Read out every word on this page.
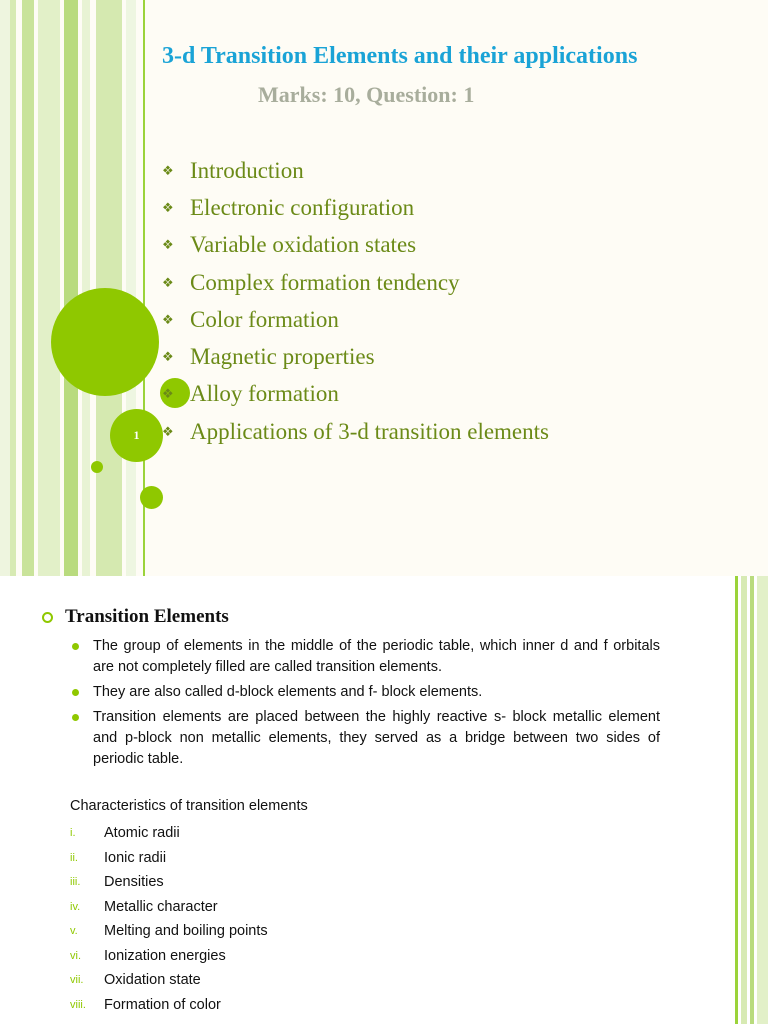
1
3-d Transition Elements and their applications
Marks: 10, Question: 1
❖ Introduction
❖ Electronic configuration
❖ Variable oxidation states
❖ Complex formation tendency
❖ Color formation
❖ Magnetic properties
❖ Alloy formation
❖ Applications of 3-d transition elements
Transition Elements
The group of elements in the middle of the periodic table, which inner d and f orbitals are not completely filled are called transition elements.
They are also called d-block elements and f- block elements.
Transition elements are placed between the highly reactive s- block metallic element and p-block non metallic elements, they served as a bridge between two sides of periodic table.
Characteristics of transition elements
i.	Atomic radii
ii.	Ionic radii
iii.	Densities
iv.	Metallic character
v.	Melting and boiling points
vi.	Ionization energies
vii.	Oxidation state
viii.	Formation of color
